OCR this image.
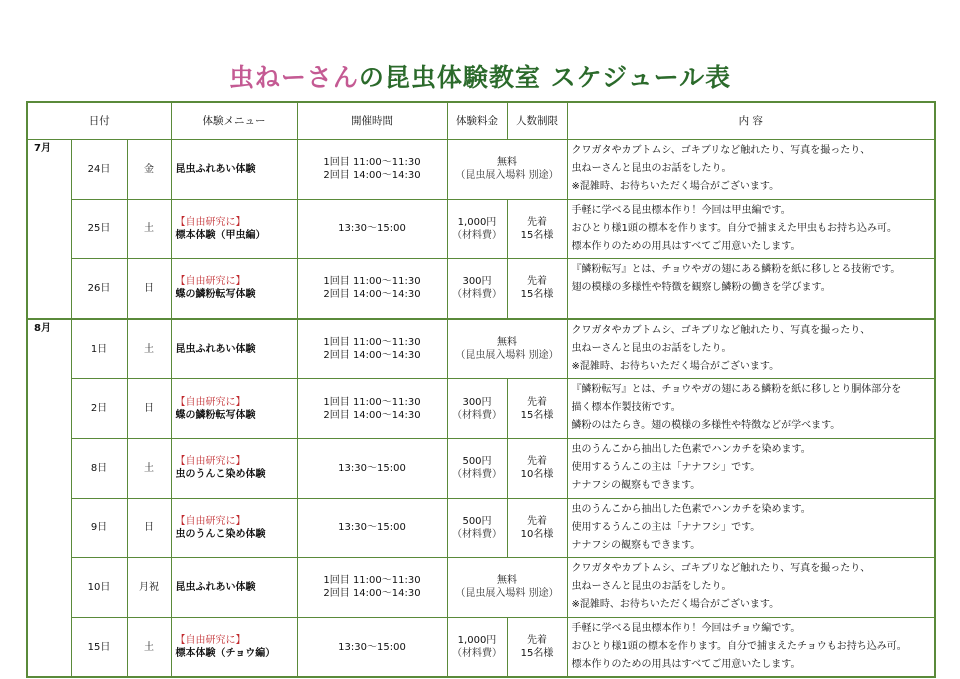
虫ねーさんの昆虫体験教室 スケジュール表
日付			体験メニュー	開催時間	体験料金	人数制限	内 容
7月	24日	金	昆虫ふれあい体験	1回目 11:00～11:30
2回目 14:00～14:30	無料
（昆虫展入場料 別途）		クワガタやカブトムシ、ゴキブリなど触れたり、写真を撮ったり、
虫ねーさんと昆虫のお話をしたり。
※混雑時、お待ちいただく場合がございます。

	25日	土	【自由研究に】
標本体験（甲虫編）	13:30～15:00	1,000円
（材料費）	先着
15名様	手軽に学べる昆虫標本作り！今回は甲虫編です。
おひとり様1頭の標本を作ります。自分で捕まえた甲虫もお持ち込み可。
標本作りのための用具はすべてご用意いたします。

	26日	日	【自由研究に】
蝶の鱗粉転写体験	1回目 11:00～11:30
2回目 14:00～14:30	300円
（材料費）	先着
15名様	『鱗粉転写』とは、チョウやガの翅にある鱗粉を紙に移しとる技術です。
翅の模様の多様性や特徴を観察し鱗粉の働きを学びます。

8月	1日	土	昆虫ふれあい体験	1回目 11:00～11:30
2回目 14:00～14:30	無料
（昆虫展入場料 別途）		クワガタやカブトムシ、ゴキブリなど触れたり、写真を撮ったり、
虫ねーさんと昆虫のお話をしたり。
※混雑時、お待ちいただく場合がございます。

	2日	日	【自由研究に】
蝶の鱗粉転写体験	1回目 11:00～11:30
2回目 14:00～14:30	300円
（材料費）	先着
15名様	『鱗粉転写』とは、チョウやガの翅にある鱗粉を紙に移しとり胴体部分を
描く標本作製技術です。
鱗粉のはたらき。翅の模様の多様性や特徴などが学べます。

	8日	土	【自由研究に】
虫のうんこ染め体験	13:30～15:00	500円
（材料費）	先着
10名様	虫のうんこから抽出した色素でハンカチを染めます。
使用するうんこの主は「ナナフシ」です。
ナナフシの観察もできます。

	9日	日	【自由研究に】
虫のうんこ染め体験	13:30～15:00	500円
（材料費）	先着
10名様	虫のうんこから抽出した色素でハンカチを染めます。
使用するうんこの主は「ナナフシ」です。
ナナフシの観察もできます。

	10日	月祝	昆虫ふれあい体験	1回目 11:00～11:30
2回目 14:00～14:30	無料
（昆虫展入場料 別途）		クワガタやカブトムシ、ゴキブリなど触れたり、写真を撮ったり、
虫ねーさんと昆虫のお話をしたり。
※混雑時、お待ちいただく場合がございます。

	15日	土	【自由研究に】
標本体験（チョウ編）	13:30～15:00	1,000円
（材料費）	先着
15名様	手軽に学べる昆虫標本作り！今回はチョウ編です。
おひとり様1頭の標本を作ります。自分で捕まえたチョウもお持ち込み可。
標本作りのための用具はすべてご用意いたします。
